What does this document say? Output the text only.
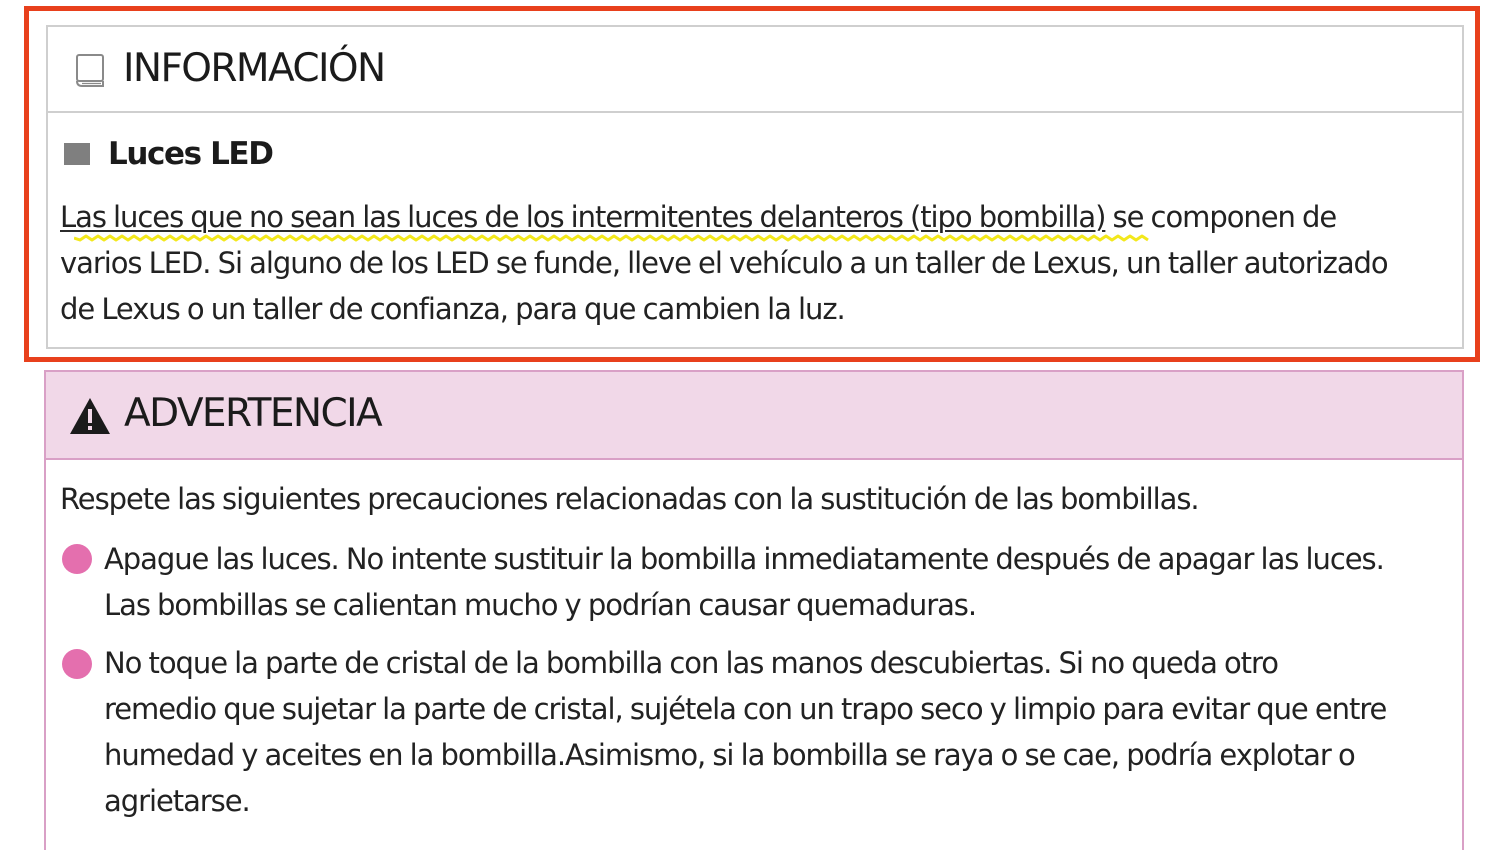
INFORMACIÓN
Luces LED

Las luces que no sean las luces de los intermitentes delanteros (tipo bombilla) se componen de
varios LED. Si alguno de los LED se funde, lleve el vehículo a un taller de Lexus, un taller autorizado
de Lexus o un taller de confianza, para que cambien la luz.

ADVERTENCIA

Respete las siguientes precauciones relacionadas con la sustitución de las bombillas.

Apague las luces. No intente sustituir la bombilla inmediatamente después de apagar las luces.
Las bombillas se calientan mucho y podrían causar quemaduras.

No toque la parte de cristal de la bombilla con las manos descubiertas. Si no queda otro
remedio que sujetar la parte de cristal, sujétela con un trapo seco y limpio para evitar que entre
humedad y aceites en la bombilla.Asimismo, si la bombilla se raya o se cae, podría explotar o
agrietarse.
